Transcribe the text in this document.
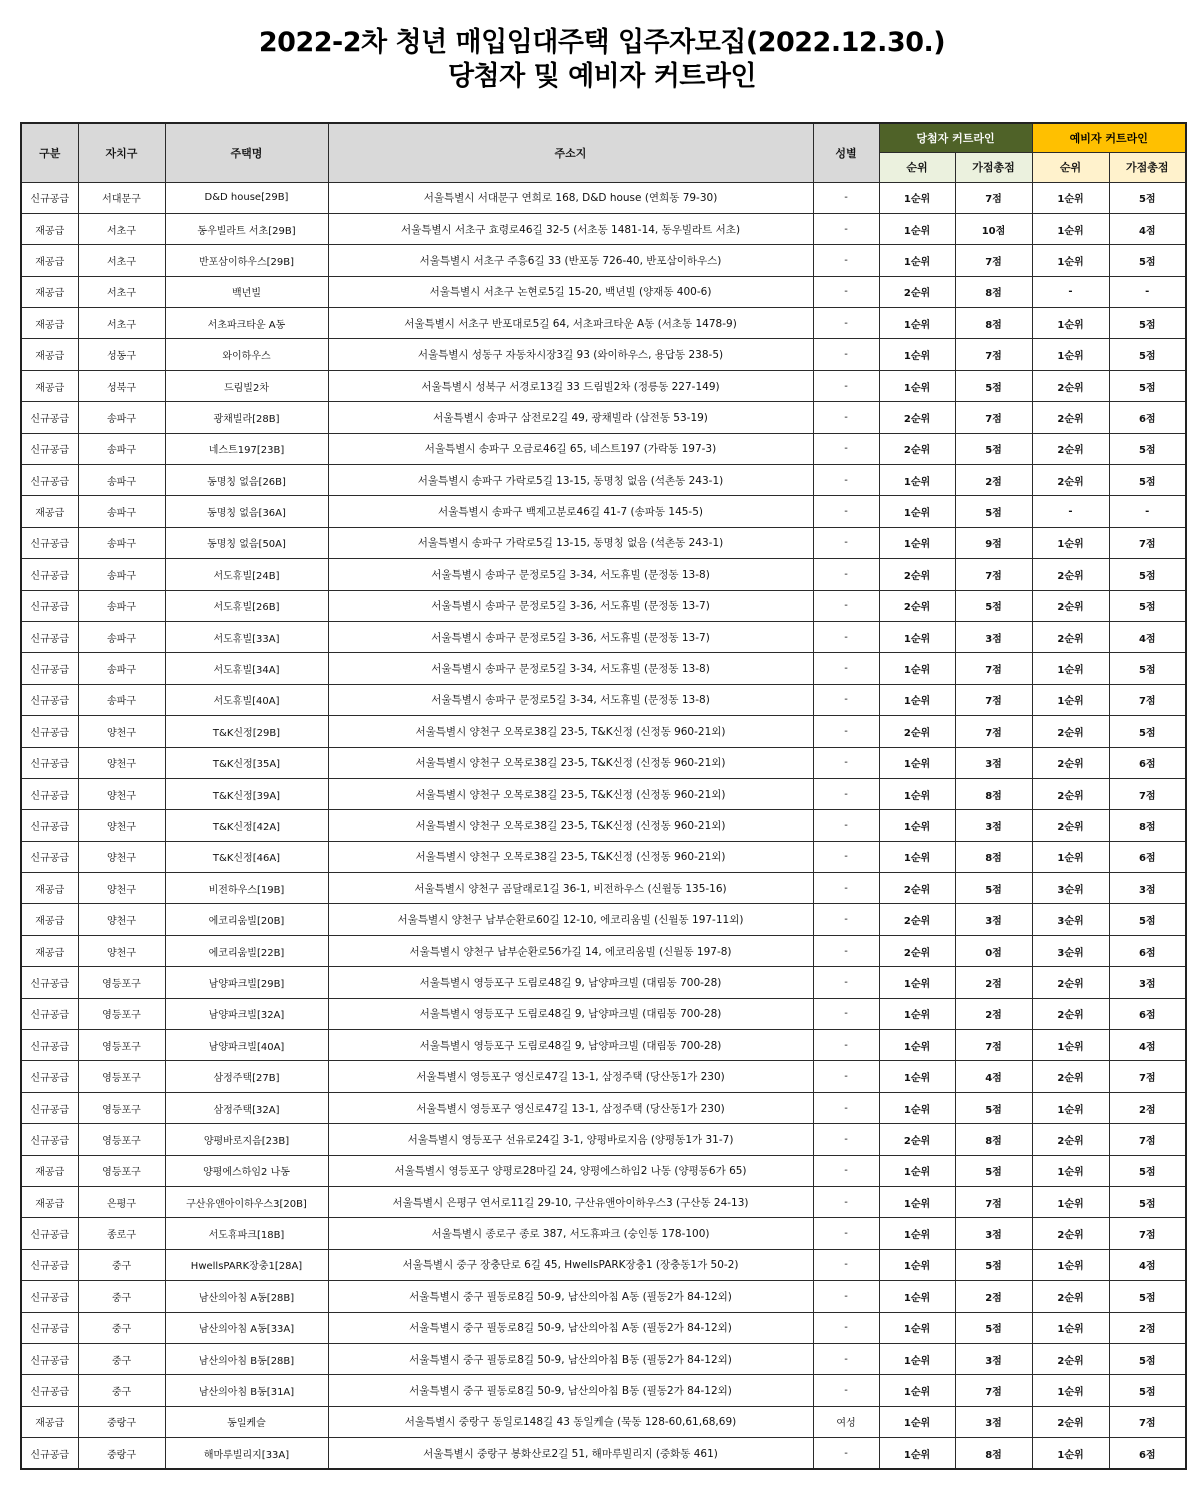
2022-2차 청년 매입임대주택 입주자모집(2022.12.30.)
당첨자 및 예비자 커트라인
구분	자치구	주택명	주소지	성별	당첨자 커트라인		예비자 커트라인	
					순위	가점총점	순위	가점총점
신규공급	서대문구	D&D house[29B]	서울특별시 서대문구 연희로 168, D&D house (연희동 79-30)	-	1순위	7점	1순위	5점
재공급	서초구	동우빌라트 서초[29B]	서울특별시 서초구 효령로46길 32-5 (서초동 1481-14, 동우빌라트 서초)	-	1순위	10점	1순위	4점
재공급	서초구	반포삼이하우스[29B]	서울특별시 서초구 주흥6길 33 (반포동 726-40, 반포삼이하우스)	-	1순위	7점	1순위	5점
재공급	서초구	백년빌	서울특별시 서초구 논현로5길 15-20, 백년빌 (양재동 400-6)	-	2순위	8점	-	-
재공급	서초구	서초파크타운 A동	서울특별시 서초구 반포대로5길 64, 서초파크타운 A동 (서초동 1478-9)	-	1순위	8점	1순위	5점
재공급	성동구	와이하우스	서울특별시 성동구 자동차시장3길 93 (와이하우스, 용답동 238-5)	-	1순위	7점	1순위	5점
재공급	성북구	드림빌2차	서울특별시 성북구 서경로13길 33 드림빌2차 (정릉동 227-149)	-	1순위	5점	2순위	5점
신규공급	송파구	광채빌라[28B]	서울특별시 송파구 삼전로2길 49, 광채빌라 (삼전동 53-19)	-	2순위	7점	2순위	6점
신규공급	송파구	네스트197[23B]	서울특별시 송파구 오금로46길 65, 네스트197 (가락동 197-3)	-	2순위	5점	2순위	5점
신규공급	송파구	동명칭 없음[26B]	서울특별시 송파구 가락로5길 13-15, 동명칭 없음 (석촌동 243-1)	-	1순위	2점	2순위	5점
재공급	송파구	동명칭 없음[36A]	서울특별시 송파구 백제고분로46길 41-7 (송파동 145-5)	-	1순위	5점	-	-
신규공급	송파구	동명칭 없음[50A]	서울특별시 송파구 가락로5길 13-15, 동명칭 없음 (석촌동 243-1)	-	1순위	9점	1순위	7점
신규공급	송파구	서도휴빌[24B]	서울특별시 송파구 문정로5길 3-34, 서도휴빌 (문정동 13-8)	-	2순위	7점	2순위	5점
신규공급	송파구	서도휴빌[26B]	서울특별시 송파구 문정로5길 3-36, 서도휴빌 (문정동 13-7)	-	2순위	5점	2순위	5점
신규공급	송파구	서도휴빌[33A]	서울특별시 송파구 문정로5길 3-36, 서도휴빌 (문정동 13-7)	-	1순위	3점	2순위	4점
신규공급	송파구	서도휴빌[34A]	서울특별시 송파구 문정로5길 3-34, 서도휴빌 (문정동 13-8)	-	1순위	7점	1순위	5점
신규공급	송파구	서도휴빌[40A]	서울특별시 송파구 문정로5길 3-34, 서도휴빌 (문정동 13-8)	-	1순위	7점	1순위	7점
신규공급	양천구	T&K신정[29B]	서울특별시 양천구 오목로38길 23-5, T&K신정 (신정동 960-21외)	-	2순위	7점	2순위	5점
신규공급	양천구	T&K신정[35A]	서울특별시 양천구 오목로38길 23-5, T&K신정 (신정동 960-21외)	-	1순위	3점	2순위	6점
신규공급	양천구	T&K신정[39A]	서울특별시 양천구 오목로38길 23-5, T&K신정 (신정동 960-21외)	-	1순위	8점	2순위	7점
신규공급	양천구	T&K신정[42A]	서울특별시 양천구 오목로38길 23-5, T&K신정 (신정동 960-21외)	-	1순위	3점	2순위	8점
신규공급	양천구	T&K신정[46A]	서울특별시 양천구 오목로38길 23-5, T&K신정 (신정동 960-21외)	-	1순위	8점	1순위	6점
재공급	양천구	비전하우스[19B]	서울특별시 양천구 곰달래로1길 36-1, 비전하우스 (신월동 135-16)	-	2순위	5점	3순위	3점
재공급	양천구	에코리움빌[20B]	서울특별시 양천구 남부순환로60길 12-10, 에코리움빌 (신월동 197-11외)	-	2순위	3점	3순위	5점
재공급	양천구	에코리움빌[22B]	서울특별시 양천구 남부순환로56가길 14, 에코리움빌 (신월동 197-8)	-	2순위	0점	3순위	6점
신규공급	영등포구	남양파크빌[29B]	서울특별시 영등포구 도림로48길 9, 남양파크빌 (대림동 700-28)	-	1순위	2점	2순위	3점
신규공급	영등포구	남양파크빌[32A]	서울특별시 영등포구 도림로48길 9, 남양파크빌 (대림동 700-28)	-	1순위	2점	2순위	6점
신규공급	영등포구	남양파크빌[40A]	서울특별시 영등포구 도림로48길 9, 남양파크빌 (대림동 700-28)	-	1순위	7점	1순위	4점
신규공급	영등포구	삼정주택[27B]	서울특별시 영등포구 영신로47길 13-1, 삼정주택 (당산동1가 230)	-	1순위	4점	2순위	7점
신규공급	영등포구	삼정주택[32A]	서울특별시 영등포구 영신로47길 13-1, 삼정주택 (당산동1가 230)	-	1순위	5점	1순위	2점
신규공급	영등포구	양평바로지음[23B]	서울특별시 영등포구 선유로24길 3-1, 양평바로지음 (양평동1가 31-7)	-	2순위	8점	2순위	7점
재공급	영등포구	양평에스하임2 나동	서울특별시 영등포구 양평로28마길 24, 양평에스하임2 나동 (양평동6가 65)	-	1순위	5점	1순위	5점
재공급	은평구	구산유앤아이하우스3[20B]	서울특별시 은평구 연서로11길 29-10, 구산유앤아이하우스3 (구산동 24-13)	-	1순위	7점	1순위	5점
신규공급	종로구	서도휴파크[18B]	서울특별시 종로구 종로 387, 서도휴파크 (숭인동 178-100)	-	1순위	3점	2순위	7점
신규공급	중구	HwellsPARK장충1[28A]	서울특별시 중구 장충단로 6길 45, HwellsPARK장충1 (장충동1가 50-2)	-	1순위	5점	1순위	4점
신규공급	중구	남산의아침 A동[28B]	서울특별시 중구 필동로8길 50-9, 남산의아침 A동 (필동2가 84-12외)	-	1순위	2점	2순위	5점
신규공급	중구	남산의아침 A동[33A]	서울특별시 중구 필동로8길 50-9, 남산의아침 A동 (필동2가 84-12외)	-	1순위	5점	1순위	2점
신규공급	중구	남산의아침 B동[28B]	서울특별시 중구 필동로8길 50-9, 남산의아침 B동 (필동2가 84-12외)	-	1순위	3점	2순위	5점
신규공급	중구	남산의아침 B동[31A]	서울특별시 중구 필동로8길 50-9, 남산의아침 B동 (필동2가 84-12외)	-	1순위	7점	1순위	5점
재공급	중랑구	동일케슬	서울특별시 중랑구 동일로148길 43 동일케슬 (묵동 128-60,61,68,69)	여성	1순위	3점	2순위	7점
신규공급	중랑구	해마루빌리지[33A]	서울특별시 중랑구 봉화산로2길 51, 해마루빌리지 (중화동 461)	-	1순위	8점	1순위	6점
